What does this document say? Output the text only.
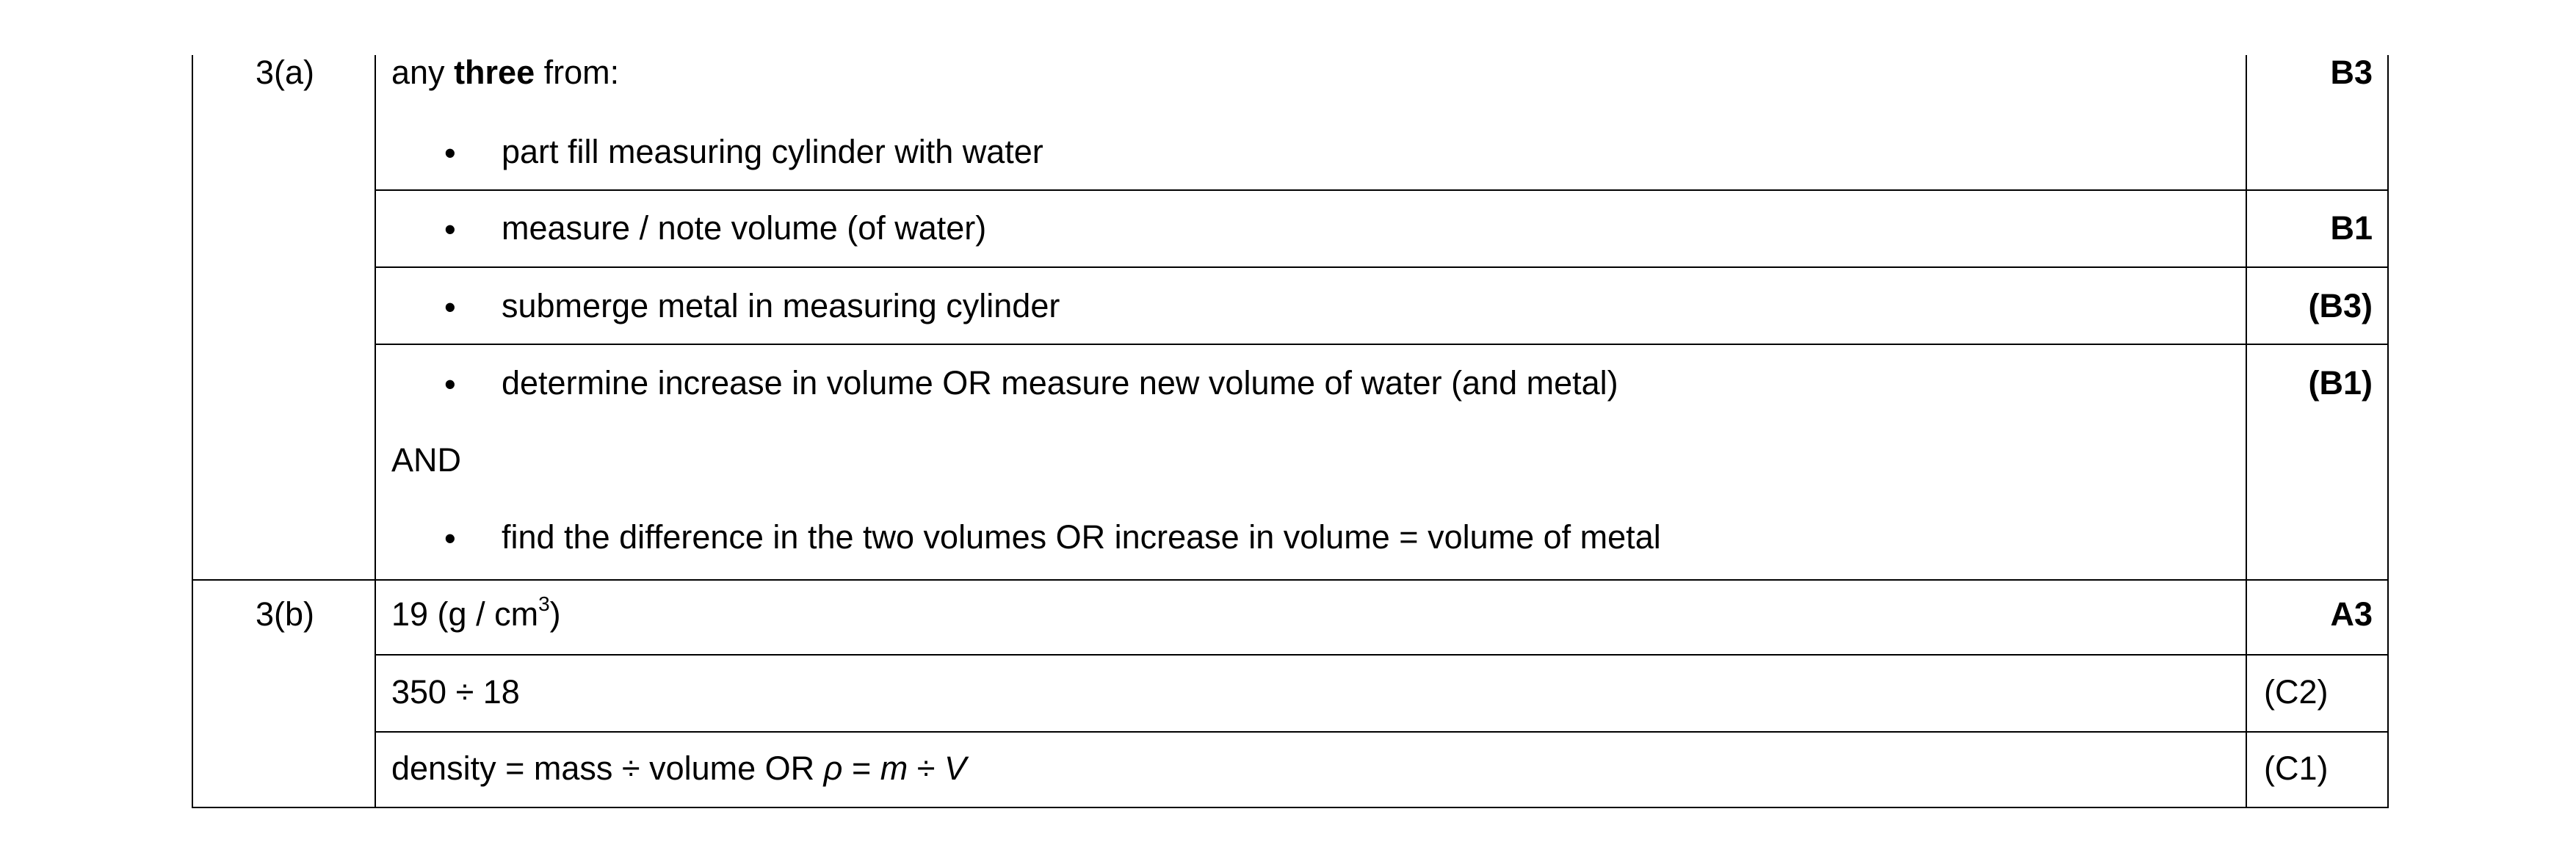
3(a) any three from:	B3
• part fill measuring cylinder with water
• measure / note volume (of water)	B1
• submerge metal in measuring cylinder	(B3)
• determine increase in volume OR measure new volume of water (and metal)	(B1)
AND
• find the difference in the two volumes OR increase in volume = volume of metal
3(b) 19 $(g / cm^3)$	A3
350 ÷ 18	(C2)
density = mass ÷ volume OR ρ = m ÷ V	(C1)
